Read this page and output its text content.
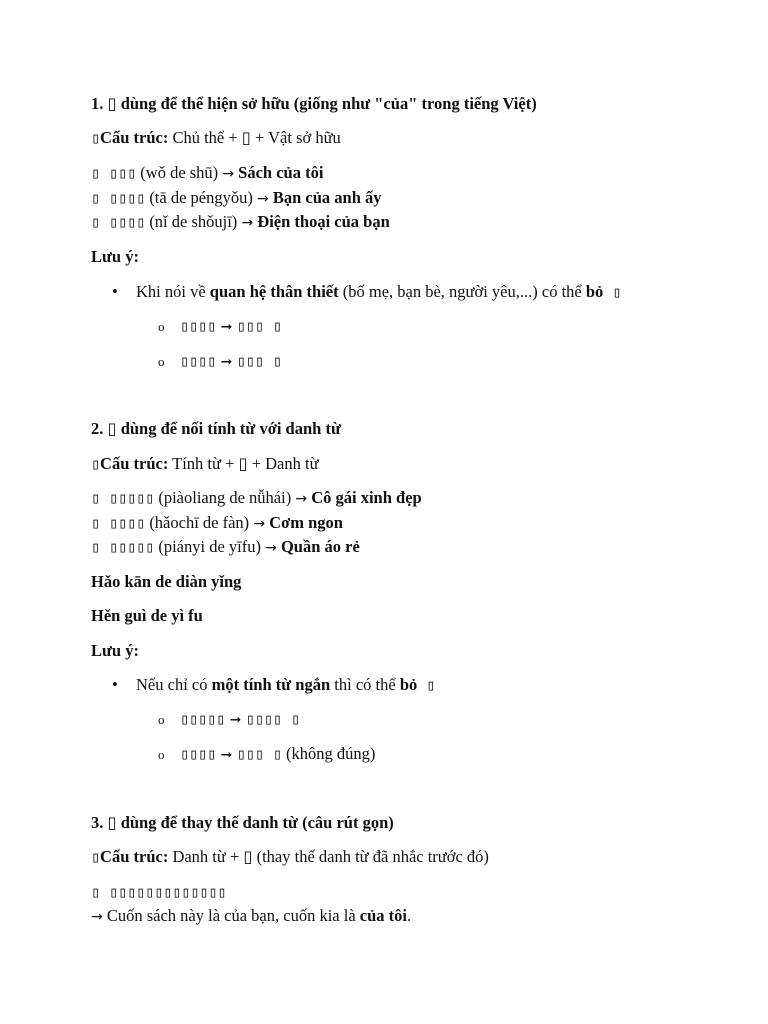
1. ▯ dùng để thể hiện sở hữu (giống như "của" trong tiếng Việt)
▯Cấu trúc: Chủ thể + ▯ + Vật sở hữu
▯ ▯▯▯ (wǒ de shū) → Sách của tôi
▯ ▯▯▯▯ (tā de péngyǒu) → Bạn của anh ấy
▯ ▯▯▯▯ (nǐ de shǒujī) → Điện thoại của bạn
Lưu ý:
• Khi nói về quan hệ thân thiết (bố mẹ, bạn bè, người yêu,...) có thể bỏ ▯
o ▯▯▯▯ ➞ ▯▯▯ ▯
o ▯▯▯▯ ➞ ▯▯▯ ▯
2. ▯ dùng để nối tính từ với danh từ
▯Cấu trúc: Tính từ + ▯ + Danh từ
▯ ▯▯▯▯▯ (piàoliang de nǚhái) → Cô gái xinh đẹp
▯ ▯▯▯▯ (hǎochī de fàn) → Cơm ngon
▯ ▯▯▯▯▯ (piányi de yīfu) → Quần áo rẻ
Hǎo kān de diàn yǐng
Hěn guì de yì fu
Lưu ý:
• Nếu chỉ có một tính từ ngắn thì có thể bỏ ▯
o ▯▯▯▯▯ ➞ ▯▯▯▯ ▯
o ▯▯▯▯ ➞ ▯▯▯ ▯ (không đúng)
3. ▯ dùng để thay thế danh từ (câu rút gọn)
▯Cấu trúc: Danh từ + ▯ (thay thế danh từ đã nhắc trước đó)
▯ ▯▯▯▯▯▯▯▯▯▯▯▯▯
→ Cuốn sách này là của bạn, cuốn kia là của tôi.
